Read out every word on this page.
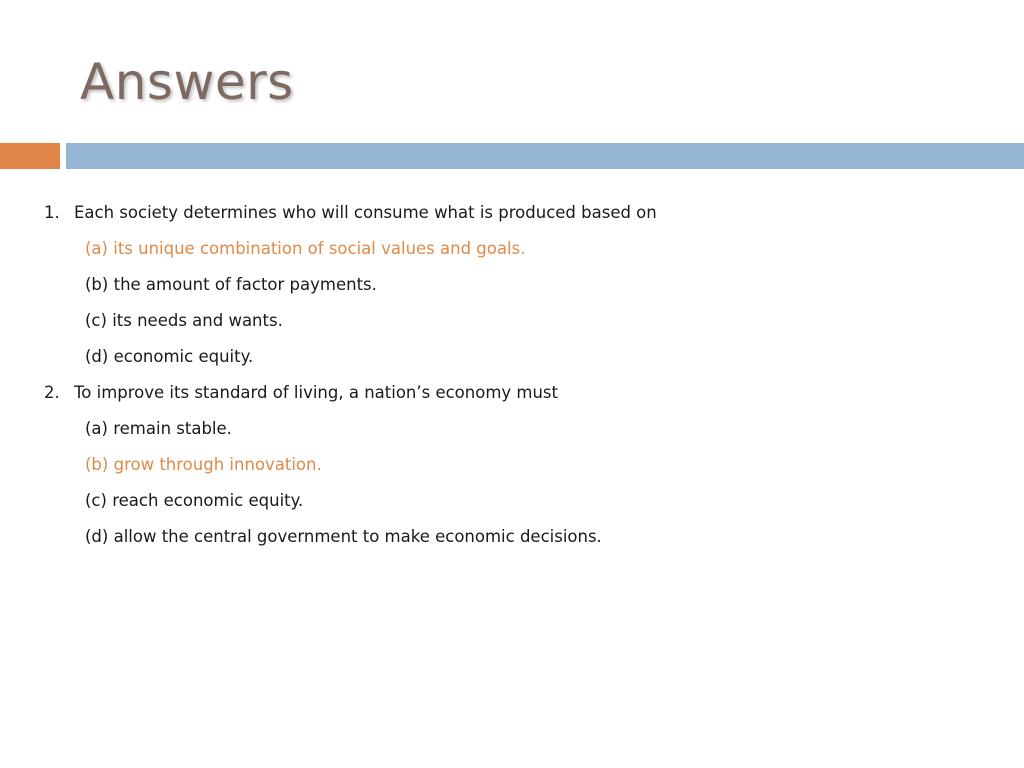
Answers
1. Each society determines who will consume what is produced based on
(a) its unique combination of social values and goals.
(b) the amount of factor payments.
(c) its needs and wants.
(d) economic equity.
2. To improve its standard of living, a nation’s economy must
(a) remain stable.
(b) grow through innovation.
(c) reach economic equity.
(d) allow the central government to make economic decisions.
